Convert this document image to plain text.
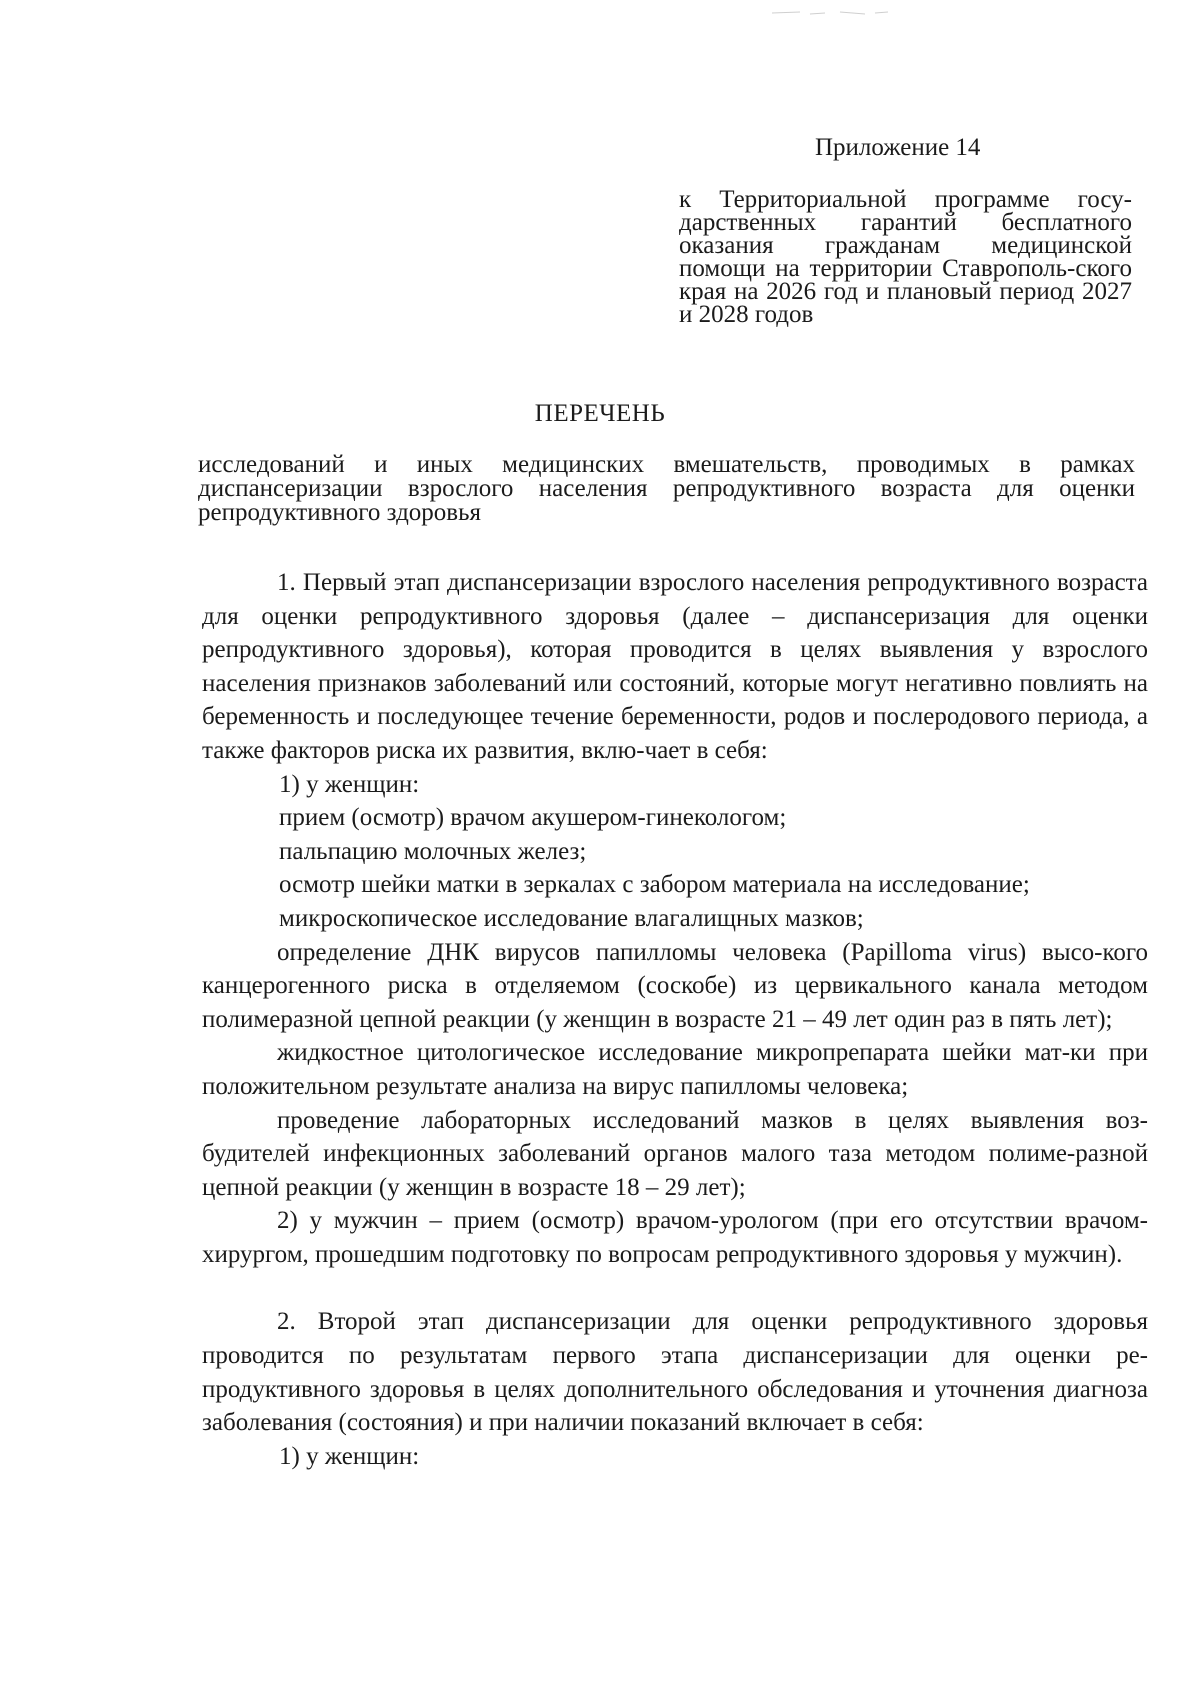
Приложение 14
к Территориальной программе госу-дарственных гарантий бесплатного оказания гражданам медицинской помощи на территории Ставрополь-ского края на 2026 год и плановый период 2027 и 2028 годов
ПЕРЕЧЕНЬ
исследований и иных медицинских вмешательств, проводимых в рамках диспансеризации взрослого населения репродуктивного возраста для оценки репродуктивного здоровья

1. Первый этап диспансеризации взрослого населения репродуктивного возраста для оценки репродуктивного здоровья (далее – диспансеризация для оценки репродуктивного здоровья), которая проводится в целях выявления у взрослого населения признаков заболеваний или состояний, которые могут негативно повлиять на беременность и последующее течение беременности, родов и послеродового периода, а также факторов риска их развития, вклю-чает в себя:

1) у женщин:

прием (осмотр) врачом акушером-гинекологом;

пальпацию молочных желез;

осмотр шейки матки в зеркалах с забором материала на исследование;

микроскопическое исследование влагалищных мазков;

определение ДНК вирусов папилломы человека (Papilloma virus) высо-кого канцерогенного риска в отделяемом (соскобе) из цервикального канала методом полимеразной цепной реакции (у женщин в возрасте 21 – 49 лет один раз в пять лет);

жидкостное цитологическое исследование микропрепарата шейки мат-ки при положительном результате анализа на вирус папилломы человека;

проведение лабораторных исследований мазков в целях выявления воз-будителей инфекционных заболеваний органов малого таза методом полиме-разной цепной реакции (у женщин в возрасте 18 – 29 лет);

2) у мужчин – прием (осмотр) врачом-урологом (при его отсутствии врачом-хирургом, прошедшим подготовку по вопросам репродуктивного здоровья у мужчин).

2. Второй этап диспансеризации для оценки репродуктивного здоровья проводится по результатам первого этапа диспансеризации для оценки ре-продуктивного здоровья в целях дополнительного обследования и уточнения диагноза заболевания (состояния) и при наличии показаний включает в себя:

1) у женщин:
